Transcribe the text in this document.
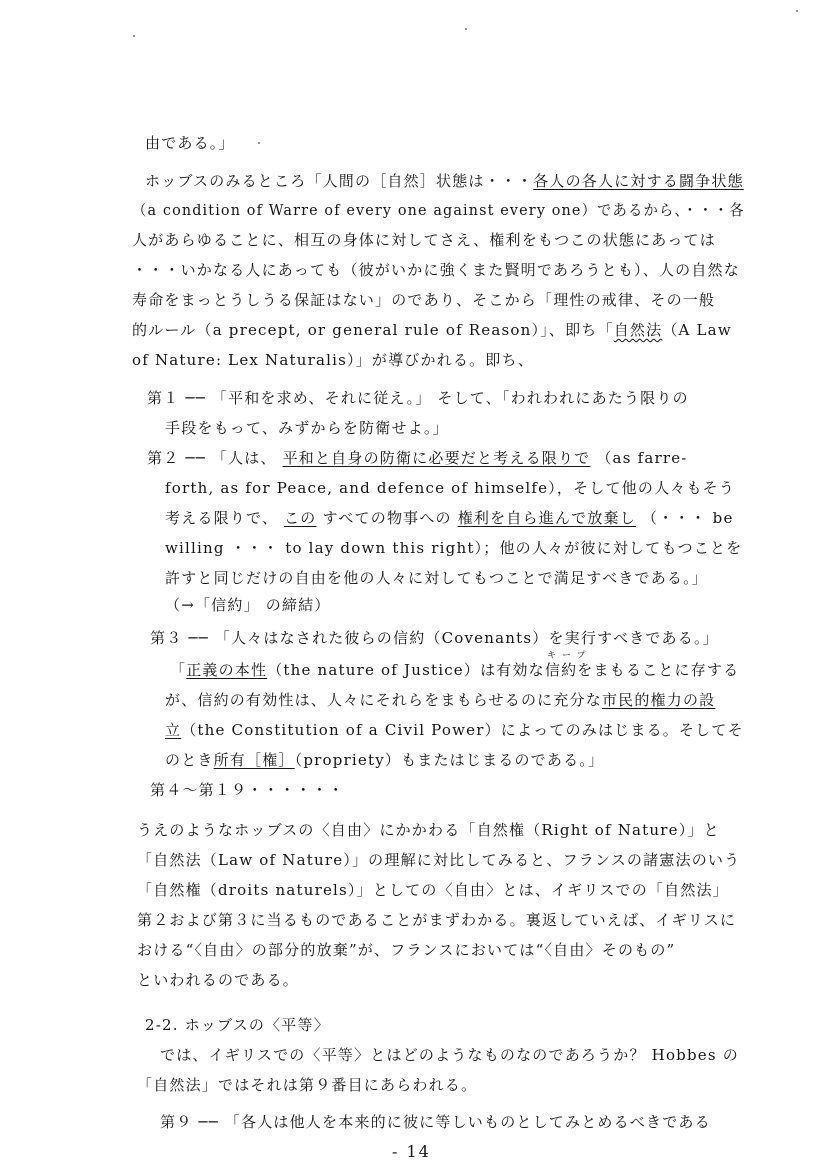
由である。」
ホッブスのみるところ「人間の［自然］状態は・・・各人の各人に対する闘争状態
（a condition of Warre of every one against every one）であるから、・・・各
人があらゆることに、相互の身体に対してさえ、権利をもつこの状態にあっては
・・・いかなる人にあっても（彼がいかに強くまた賢明であろうとも）、人の自然な
寿命をまっとうしうる保証はない」のであり、そこから「理性の戒律、その一般
的ルール（a precept, or general rule of Reason）」、即ち「自然法（A Law
of Nature: Lex Naturalis）」が導びかれる。即ち、
第１ ── 「平和を求め、それに従え。」 そして、「われわれにあたう限りの
手段をもって、みずからを防衛せよ。」
第２ ── 「人は、 平和と自身の防衛に必要だと考える限りで （as farre-
forth, as for Peace, and defence of himselfe），そして他の人々もそう
考える限りで、 この すべての物事への 権利を自ら進んで放棄し （・・・ be
willing ・・・ to lay down this right）；他の人々が彼に対してもつことを
許すと同じだけの自由を他の人々に対してもつことで満足すべきである。」
（→「信約」 の締結）
第３ ── 「人々はなされた彼らの信約（Covenants）を実行すべきである。」
キープ
「正義の本性（the nature of Justice）は有効な信約をまもることに存する
が、信約の有効性は、人々にそれらをまもらせるのに充分な市民的権力の設
立（the Constitution of a Civil Power）によってのみはじまる。そしてそ
のとき所有［権］（propriety）もまたはじまるのである。」
第４～第１９・・・・・・
うえのようなホッブスの〈自由〉にかかわる「自然権（Right of Nature）」と
「自然法（Law of Nature）」の理解に対比してみると、フランスの諸憲法のいう
「自然権（droits naturels）」としての〈自由〉とは、イギリスでの「自然法」
第２および第３に当るものであることがまずわかる。裏返していえば、イギリスに
おける“〈自由〉の部分的放棄”が、フランスにおいては“〈自由〉そのもの”
といわれるのである。
2-2. ホッブスの〈平等〉
では、イギリスでの〈平等〉とはどのようなものなのであろうか？ Hobbes の
「自然法」ではそれは第９番目にあらわれる。
第９ ── 「各人は他人を本来的に彼に等しいものとしてみとめるべきである
- 14
